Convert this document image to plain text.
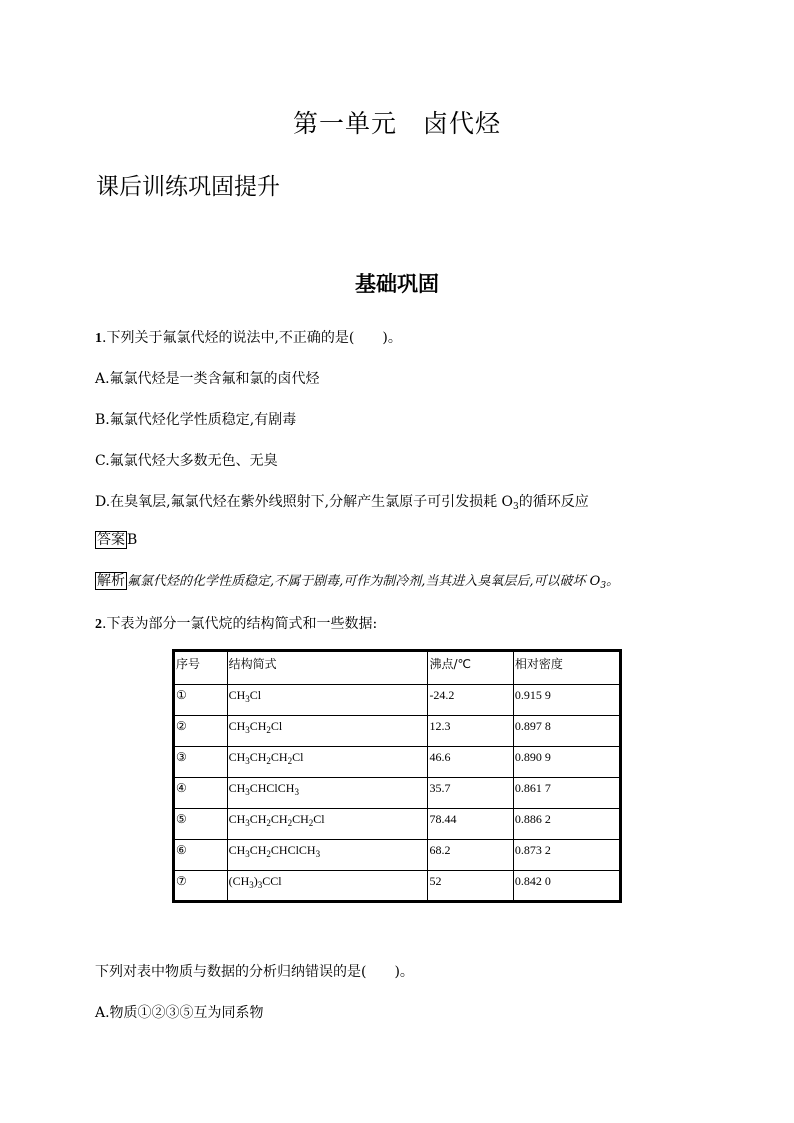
第一单元　卤代烃
课后训练巩固提升
基础巩固
1.下列关于氟氯代烃的说法中,不正确的是(　　)。
A.氟氯代烃是一类含氟和氯的卤代烃
B.氟氯代烃化学性质稳定,有剧毒
C.氟氯代烃大多数无色、无臭
D.在臭氧层,氟氯代烃在紫外线照射下,分解产生氯原子可引发损耗 $O_3$的循环反应
答案 B
解析 氟氯代烃的化学性质稳定,不属于剧毒,可作为制冷剂,当其进入臭氧层后,可以破坏 $O_3$。
2.下表为部分一氯代烷的结构简式和一些数据:
序号	结构简式	沸点/℃	相对密度
①	$CH_3Cl$	-24.2	0.915 9
②	$CH_3CH_2Cl$	12.3	0.897 8
③	$CH_3CH_2CH_2Cl$	46.6	0.890 9
④	$CH_3CHClCH_3$	35.7	0.861 7
⑤	$CH_3CH_2CH_2CH_2Cl$	78.44	0.886 2
⑥	$CH_3CH_2CHClCH_3$	68.2	0.873 2
⑦	$(CH_3)_3CCl$	52	0.842 0
下列对表中物质与数据的分析归纳错误的是(　　)。
A.物质①②③⑤互为同系物
